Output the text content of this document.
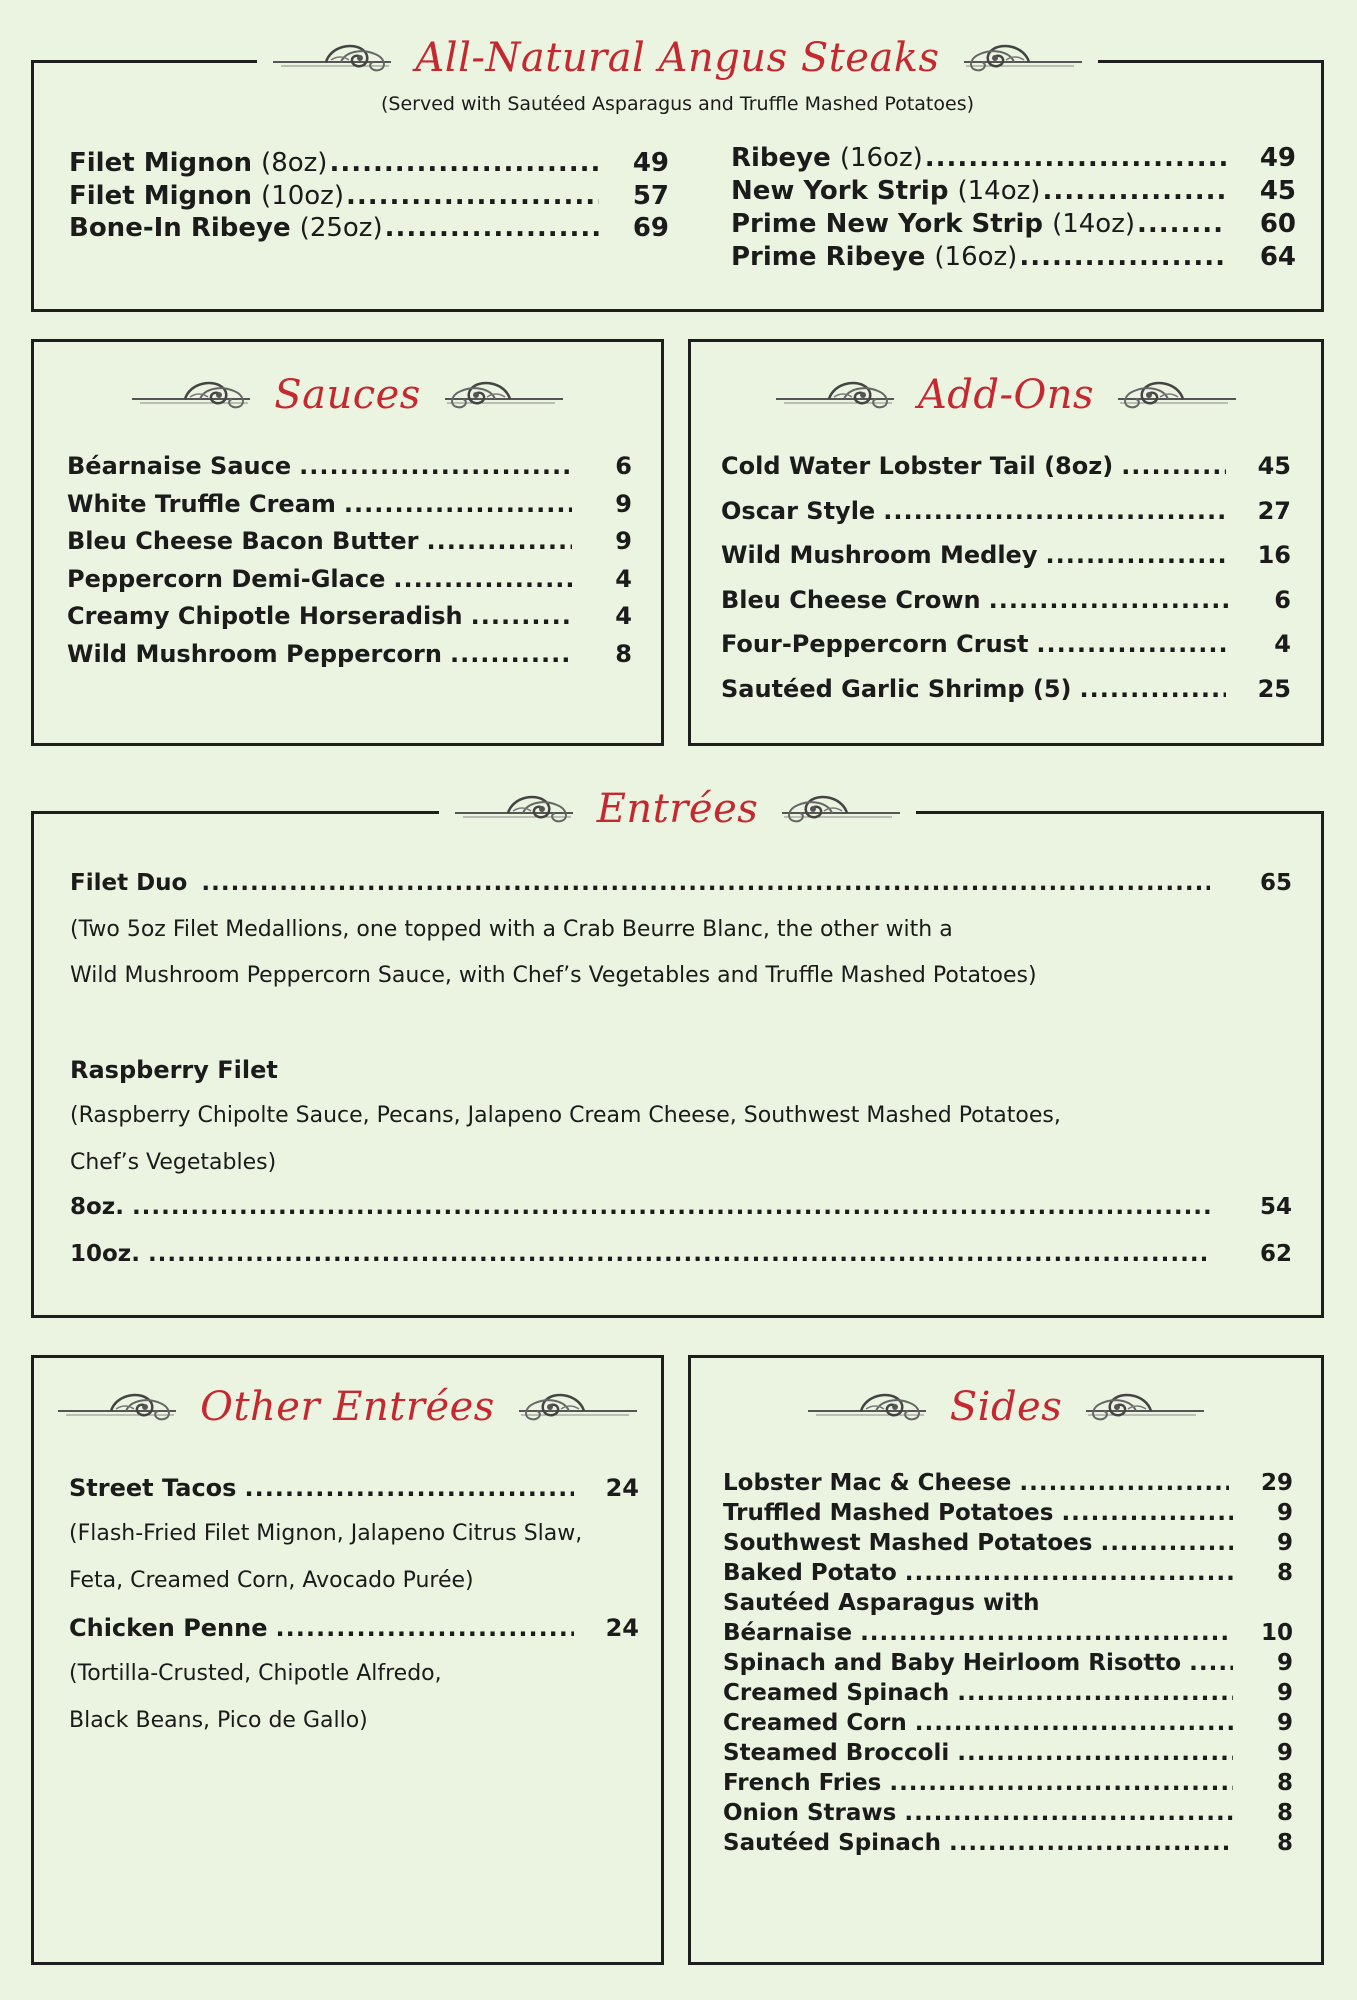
All-Natural Angus Steaks
(Served with Sautéed Asparagus and Truffle Mashed Potatoes)
Filet Mignon (8oz) .....	49
Filet Mignon (10oz) .....	57
Bone-In Ribeye (25oz) .....	69
Ribeye (16oz) .....	49
New York Strip (14oz) .....	45
Prime New York Strip (14oz) .....	60
Prime Ribeye (16oz) .....	64
Sauces
Béarnaise Sauce .....	6
White Truffle Cream .....	9
Bleu Cheese Bacon Butter .....	9
Peppercorn Demi-Glace .....	4
Creamy Chipotle Horseradish .....	4
Wild Mushroom Peppercorn .....	8
Add-Ons
Cold Water Lobster Tail (8oz) .....	45
Oscar Style .....	27
Wild Mushroom Medley .....	16
Bleu Cheese Crown .....	6
Four-Peppercorn Crust .....	4
Sautéed Garlic Shrimp (5) .....	25
Entrées
Filet Duo .....	65
(Two 5oz Filet Medallions, one topped with a Crab Beurre Blanc, the other with a
Wild Mushroom Peppercorn Sauce, with Chef’s Vegetables and Truffle Mashed Potatoes)
Raspberry Filet
(Raspberry Chipolte Sauce, Pecans, Jalapeno Cream Cheese, Southwest Mashed Potatoes,
Chef’s Vegetables)
8oz. .....	54
10oz. .....	62
Other Entrées
Street Tacos .....	24
(Flash-Fried Filet Mignon, Jalapeno Citrus Slaw,
Feta, Creamed Corn, Avocado Purée)
Chicken Penne .....	24
(Tortilla-Crusted, Chipotle Alfredo,
Black Beans, Pico de Gallo)
Sides
Lobster Mac & Cheese .....	29
Truffled Mashed Potatoes .....	9
Southwest Mashed Potatoes .....	9
Baked Potato .....	8
Sautéed Asparagus with
Béarnaise .....	10
Spinach and Baby Heirloom Risotto .....	9
Creamed Spinach .....	9
Creamed Corn .....	9
Steamed Broccoli .....	9
French Fries .....	8
Onion Straws .....	8
Sautéed Spinach .....	8
